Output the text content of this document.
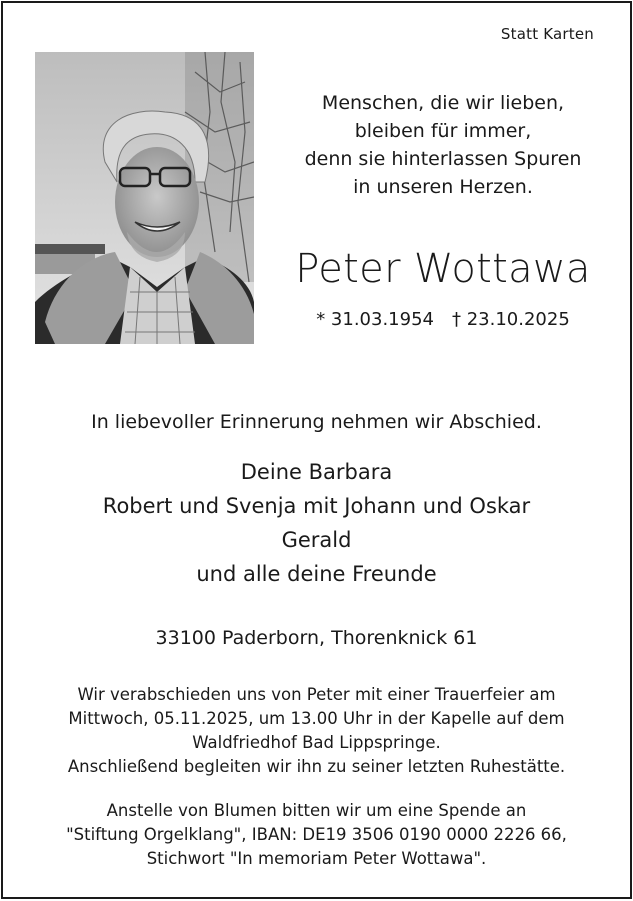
Statt Karten
Menschen, die wir lieben,
bleiben für immer,
denn sie hinterlassen Spuren
in unseren Herzen.
Peter Wottawa
* 31.03.1954 † 23.10.2025
In liebevoller Erinnerung nehmen wir Abschied.
Deine Barbara
Robert und Svenja mit Johann und Oskar
Gerald
und alle deine Freunde
33100 Paderborn, Thorenknick 61
Wir verabschieden uns von Peter mit einer Trauerfeier am
Mittwoch, 05.11.2025, um 13.00 Uhr in der Kapelle auf dem
Waldfriedhof Bad Lippspringe.
Anschließend begleiten wir ihn zu seiner letzten Ruhestätte.
Anstelle von Blumen bitten wir um eine Spende an
"Stiftung Orgelklang", IBAN: DE19 3506 0190 0000 2226 66,
Stichwort "In memoriam Peter Wottawa".
